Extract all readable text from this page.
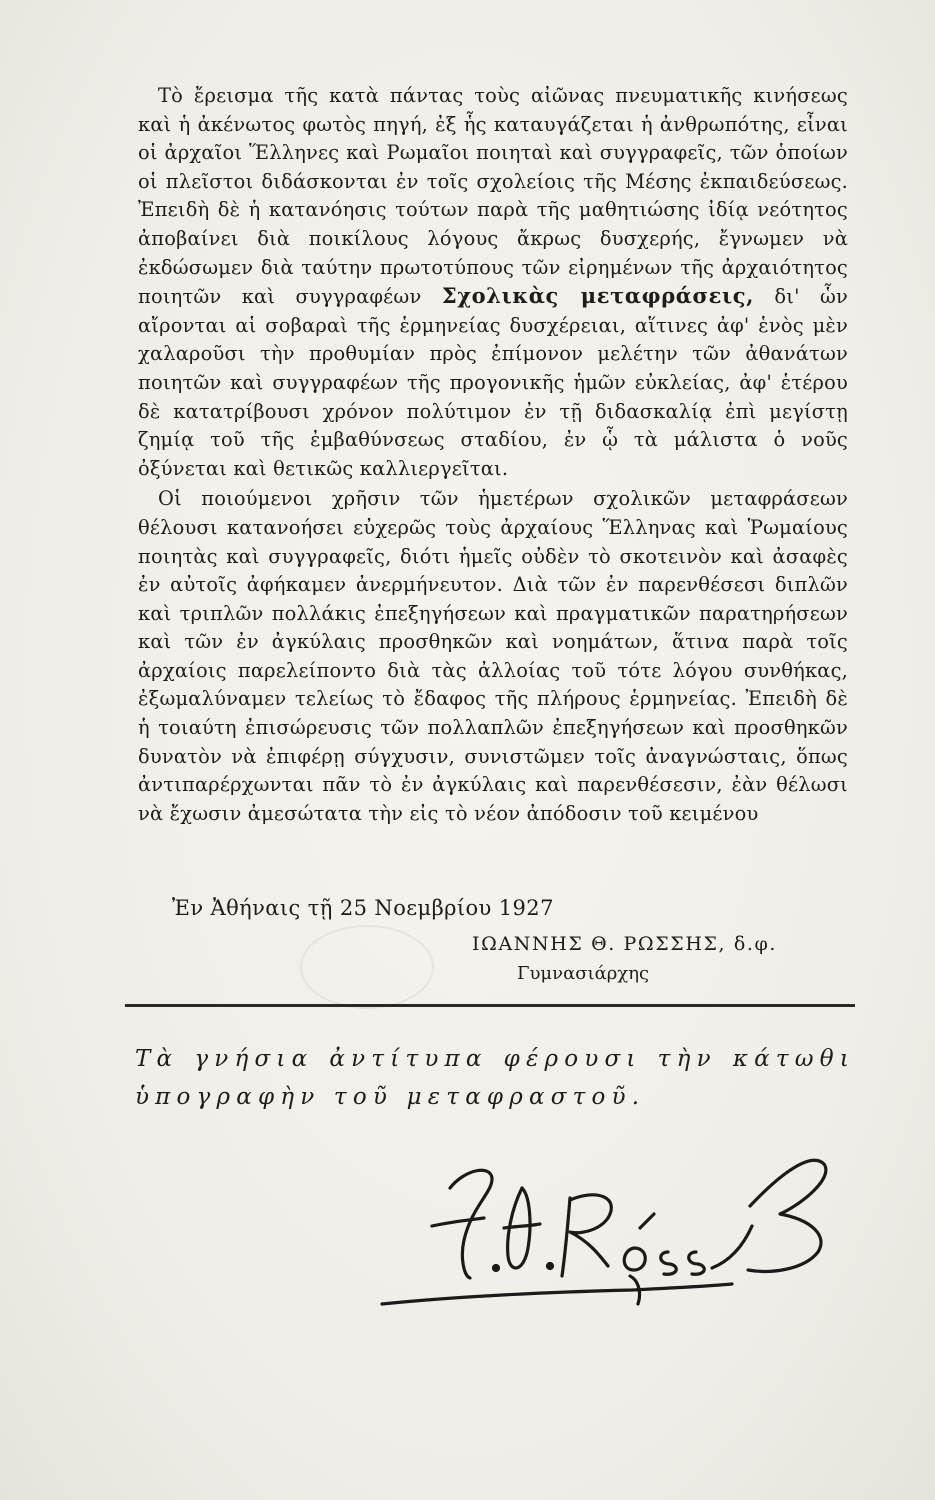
Τὸ ἔρεισμα τῆς κατὰ πάντας τοὺς αἰῶνας πνευματικῆς κινήσεως καὶ ἡ ἀκένωτος φωτὸς πηγή, ἐξ ἧς καταυγάζεται ἡ ἀνθρωπότης, εἶναι οἱ ἀρχαῖοι Ἕλληνες καὶ Ρωμαῖοι ποιηταὶ καὶ συγγραφεῖς, τῶν ὁποίων οἱ πλεῖστοι διδάσκονται ἐν τοῖς σχολείοις τῆς Μέσης ἐκπαιδεύσεως. Ἐπειδὴ δὲ ἡ κατανόησις τούτων παρὰ τῆς μαθητιώσης ἰδίᾳ νεότητος ἀποβαίνει διὰ ποικίλους λόγους ἄκρως δυσχερής, ἔγνωμεν νὰ ἐκδώσωμεν διὰ ταύτην πρωτοτύπους τῶν εἰρημένων τῆς ἀρχαιότητος ποιητῶν καὶ συγγραφέων Σχολικὰς μεταφράσεις, δι' ὧν αἴρονται αἱ σοβαραὶ τῆς ἑρμηνείας δυσχέρειαι, αἵτινες ἀφ' ἑνὸς μὲν χαλαροῦσι τὴν προθυμίαν πρὸς ἐπίμονον μελέτην τῶν ἀθανάτων ποιητῶν καὶ συγγραφέων τῆς προγονικῆς ἡμῶν εὐκλείας, ἀφ' ἑτέρου δὲ κατατρίβουσι χρόνον πολύτιμον ἐν τῇ διδασκαλίᾳ ἐπὶ μεγίστῃ ζημίᾳ τοῦ τῆς ἐμβαθύνσεως σταδίου, ἐν ᾧ τὰ μάλιστα ὁ νοῦς ὀξύνεται καὶ θετικῶς καλλιεργεῖται.

Οἱ ποιούμενοι χρῆσιν τῶν ἡμετέρων σχολικῶν μεταφράσεων θέλουσι κατανοήσει εὐχερῶς τοὺς ἀρχαίους Ἕλληνας καὶ Ῥωμαίους ποιητὰς καὶ συγγραφεῖς, διότι ἡμεῖς οὐδὲν τὸ σκοτεινὸν καὶ ἀσαφὲς ἐν αὐτοῖς ἀφήκαμεν ἀνερμήνευτον. Διὰ τῶν ἐν παρενθέσεσι διπλῶν καὶ τριπλῶν πολλάκις ἐπεξηγήσεων καὶ πραγματικῶν παρατηρήσεων καὶ τῶν ἐν ἀγκύλαις προσθηκῶν καὶ νοημάτων, ἅτινα παρὰ τοῖς ἀρχαίοις παρελείποντο διὰ τὰς ἀλλοίας τοῦ τότε λόγου συνθήκας, ἐξωμαλύναμεν τελείως τὸ ἔδαφος τῆς πλήρους ἑρμηνείας. Ἐπειδὴ δὲ ἡ τοιαύτη ἐπισώρευσις τῶν πολλαπλῶν ἐπεξηγήσεων καὶ προσθηκῶν δυνατὸν νὰ ἐπιφέρῃ σύγχυσιν, συνιστῶμεν τοῖς ἀναγνώσταις, ὅπως ἀντιπαρέρχωνται πᾶν τὸ ἐν ἀγκύλαις καὶ παρενθέσεσιν, ἐὰν θέλωσι νὰ ἔχωσιν ἀμεσώτατα τὴν εἰς τὸ νέον ἀπόδοσιν τοῦ κειμένου

Ἐν Ἀθήναις τῇ 25 Νοεμβρίου 1927
ΙΩΑΝΝΗΣ Θ. ΡΩΣΣΗΣ, δ.φ.
Γυμνασιάρχης
Τὰ γνήσια ἀντίτυπα φέρουσι τὴν κάτωθι ὑπογραφὴν τοῦ μεταφραστοῦ.
